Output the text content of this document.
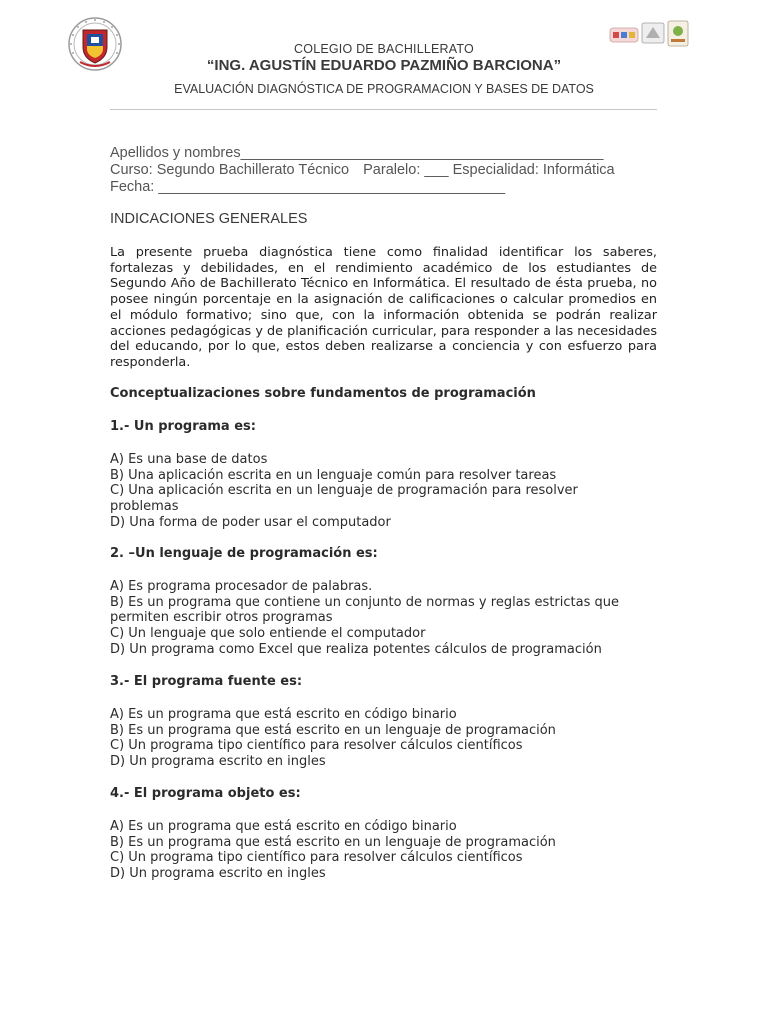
COLEGIO DE BACHILLERATO
“ING. AGUSTÍN EDUARDO PAZMIÑO BARCIONA”
EVALUACIÓN DIAGNÓSTICA DE PROGRAMACION Y BASES DE DATOS
Apellidos y nombres_____________________________________________
Curso: Segundo Bachillerato Técnico Paralelo: ___ Especialidad: Informática
Fecha: ___________________________________________
INDICACIONES GENERALES

La presente prueba diagnóstica tiene como finalidad identificar los saberes, fortalezas y debilidades, en el rendimiento académico de los estudiantes de Segundo Año de Bachillerato Técnico en Informática. El resultado de ésta prueba, no posee ningún porcentaje en la asignación de calificaciones o calcular promedios en el módulo formativo; sino que, con la información obtenida se podrán realizar acciones pedagógicas y de planificación curricular, para responder a las necesidades del educando, por lo que, estos deben realizarse a conciencia y con esfuerzo para responderla.

Conceptualizaciones sobre fundamentos de programación
1.- Un programa es:
A) Es una base de datos
B) Una aplicación escrita en un lenguaje común para resolver tareas
C) Una aplicación escrita en un lenguaje de programación para resolver problemas
D) Una forma de poder usar el computador
2. –Un lenguaje de programación es:
A) Es programa procesador de palabras.
B) Es un programa que contiene un conjunto de normas y reglas estrictas que permiten escribir otros programas
C) Un lenguaje que solo entiende el computador
D) Un programa como Excel que realiza potentes cálculos de programación
3.- El programa fuente es:
A) Es un programa que está escrito en código binario
B) Es un programa que está escrito en un lenguaje de programación
C) Un programa tipo científico para resolver cálculos científicos
D) Un programa escrito en ingles
4.- El programa objeto es:
A) Es un programa que está escrito en código binario
B) Es un programa que está escrito en un lenguaje de programación
C) Un programa tipo científico para resolver cálculos científicos
D) Un programa escrito en ingles
